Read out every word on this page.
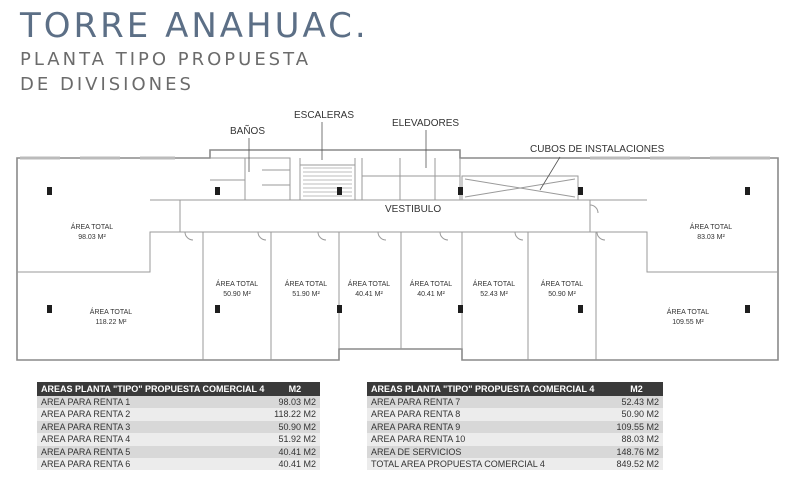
TORRE ANAHUAC.
PLANTA TIPO PROPUESTA
DE DIVISIONES
BAÑOS
ESCALERAS
ELEVADORES
CUBOS DE INSTALACIONES
VESTIBULO
ÁREA TOTAL
98.03 M²
ÁREA TOTAL
118.22 M²
ÁREA TOTAL
50.90 M²
ÁREA TOTAL
51.90 M²
ÁREA TOTAL
40.41 M²
ÁREA TOTAL
40.41 M²
ÁREA TOTAL
52.43 M²
ÁREA TOTAL
50.90 M²
ÁREA TOTAL
83.03 M²
ÁREA TOTAL
109.55 M²
AREAS PLANTA "TIPO" PROPUESTA COMERCIAL 4	M2
AREA PARA RENTA 1	98.03 M2
AREA PARA RENTA 2	118.22 M2
AREA PARA RENTA 3	50.90 M2
AREA PARA RENTA 4	51.92 M2
AREA PARA RENTA 5	40.41 M2
AREA PARA RENTA 6	40.41 M2
AREAS PLANTA "TIPO" PROPUESTA COMERCIAL 4	M2
AREA PARA RENTA 7	52.43 M2
AREA PARA RENTA 8	50.90 M2
AREA PARA RENTA 9	109.55 M2
AREA PARA RENTA 10	88.03 M2
AREA DE SERVICIOS	148.76 M2
TOTAL AREA PROPUESTA COMERCIAL 4	849.52 M2
